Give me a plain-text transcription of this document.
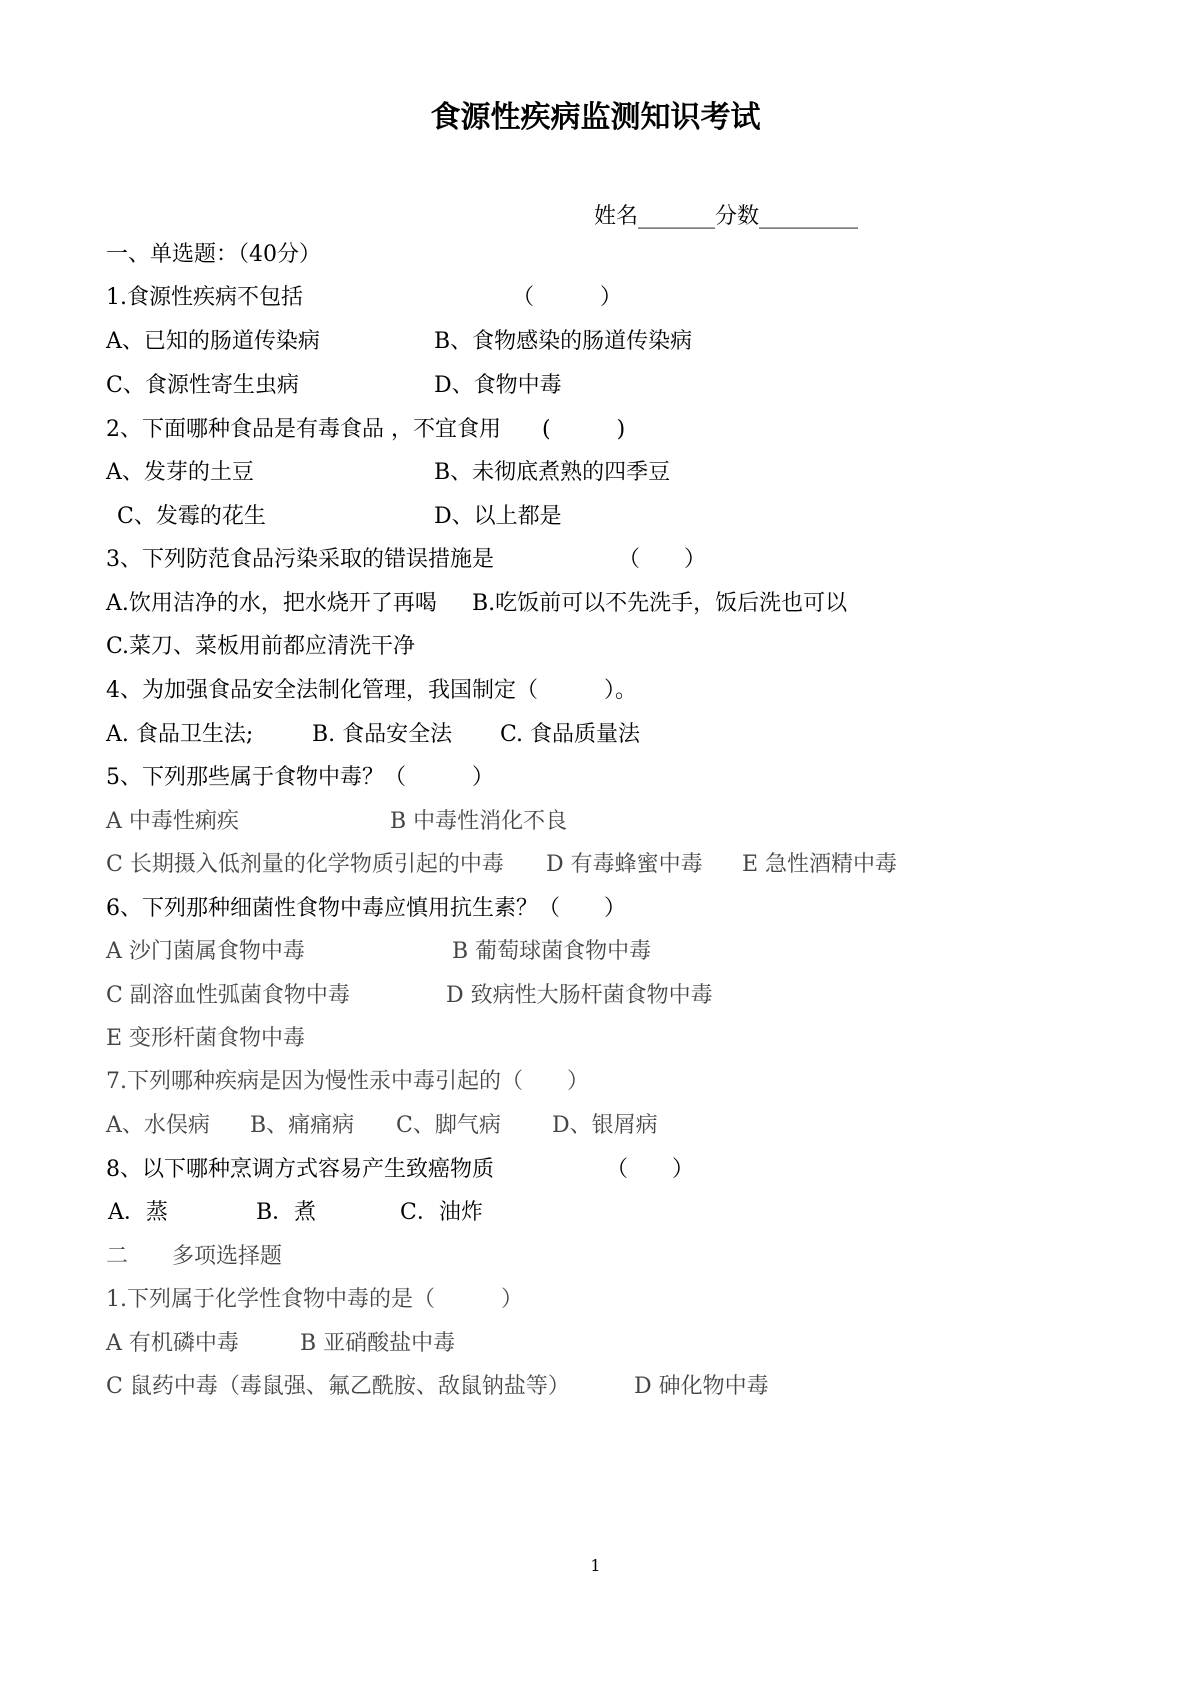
食源性疾病监测知识考试
姓名_______分数_________
一、单选题：（40分）
1.食源性疾病不包括	（　　　）
A、已知的肠道传染病	B、食物感染的肠道传染病
C、食源性寄生虫病	D、食物中毒
2、下面哪种食品是有毒食品 ，不宜食用 (　　　)
A、发芽的土豆	B、未彻底煮熟的四季豆
C、发霉的花生	D、以上都是
3、下列防范食品污染采取的错误措施是	（　　）
A.饮用洁净的水，把水烧开了再喝 B.吃饭前可以不先洗手，饭后洗也可以
C.菜刀、菜板用前都应清洗干净
4、为加强食品安全法制化管理，我国制定（　　　）。
A. 食品卫生法;	B. 食品安全法 C. 食品质量法
5、下列那些属于食物中毒？（　　　）
A 中毒性痢疾	B 中毒性消化不良
C 长期摄入低剂量的化学物质引起的中毒 D 有毒蜂蜜中毒 E 急性酒精中毒
6、下列那种细菌性食物中毒应慎用抗生素？（　　）
A 沙门菌属食物中毒	B 葡萄球菌食物中毒
C 副溶血性弧菌食物中毒	D 致病性大肠杆菌食物中毒
E 变形杆菌食物中毒
7.下列哪种疾病是因为慢性汞中毒引起的（　　）
A、水俣病 B、痛痛病 C、脚气病 D、银屑病
8、以下哪种烹调方式容易产生致癌物质	（　　）
A．蒸	B．煮	C．油炸
二　　多项选择题
1.下列属于化学性食物中毒的是（　　　）
A 有机磷中毒	B 亚硝酸盐中毒
C 鼠药中毒（毒鼠强、氟乙酰胺、敌鼠钠盐等）	D 砷化物中毒
1
